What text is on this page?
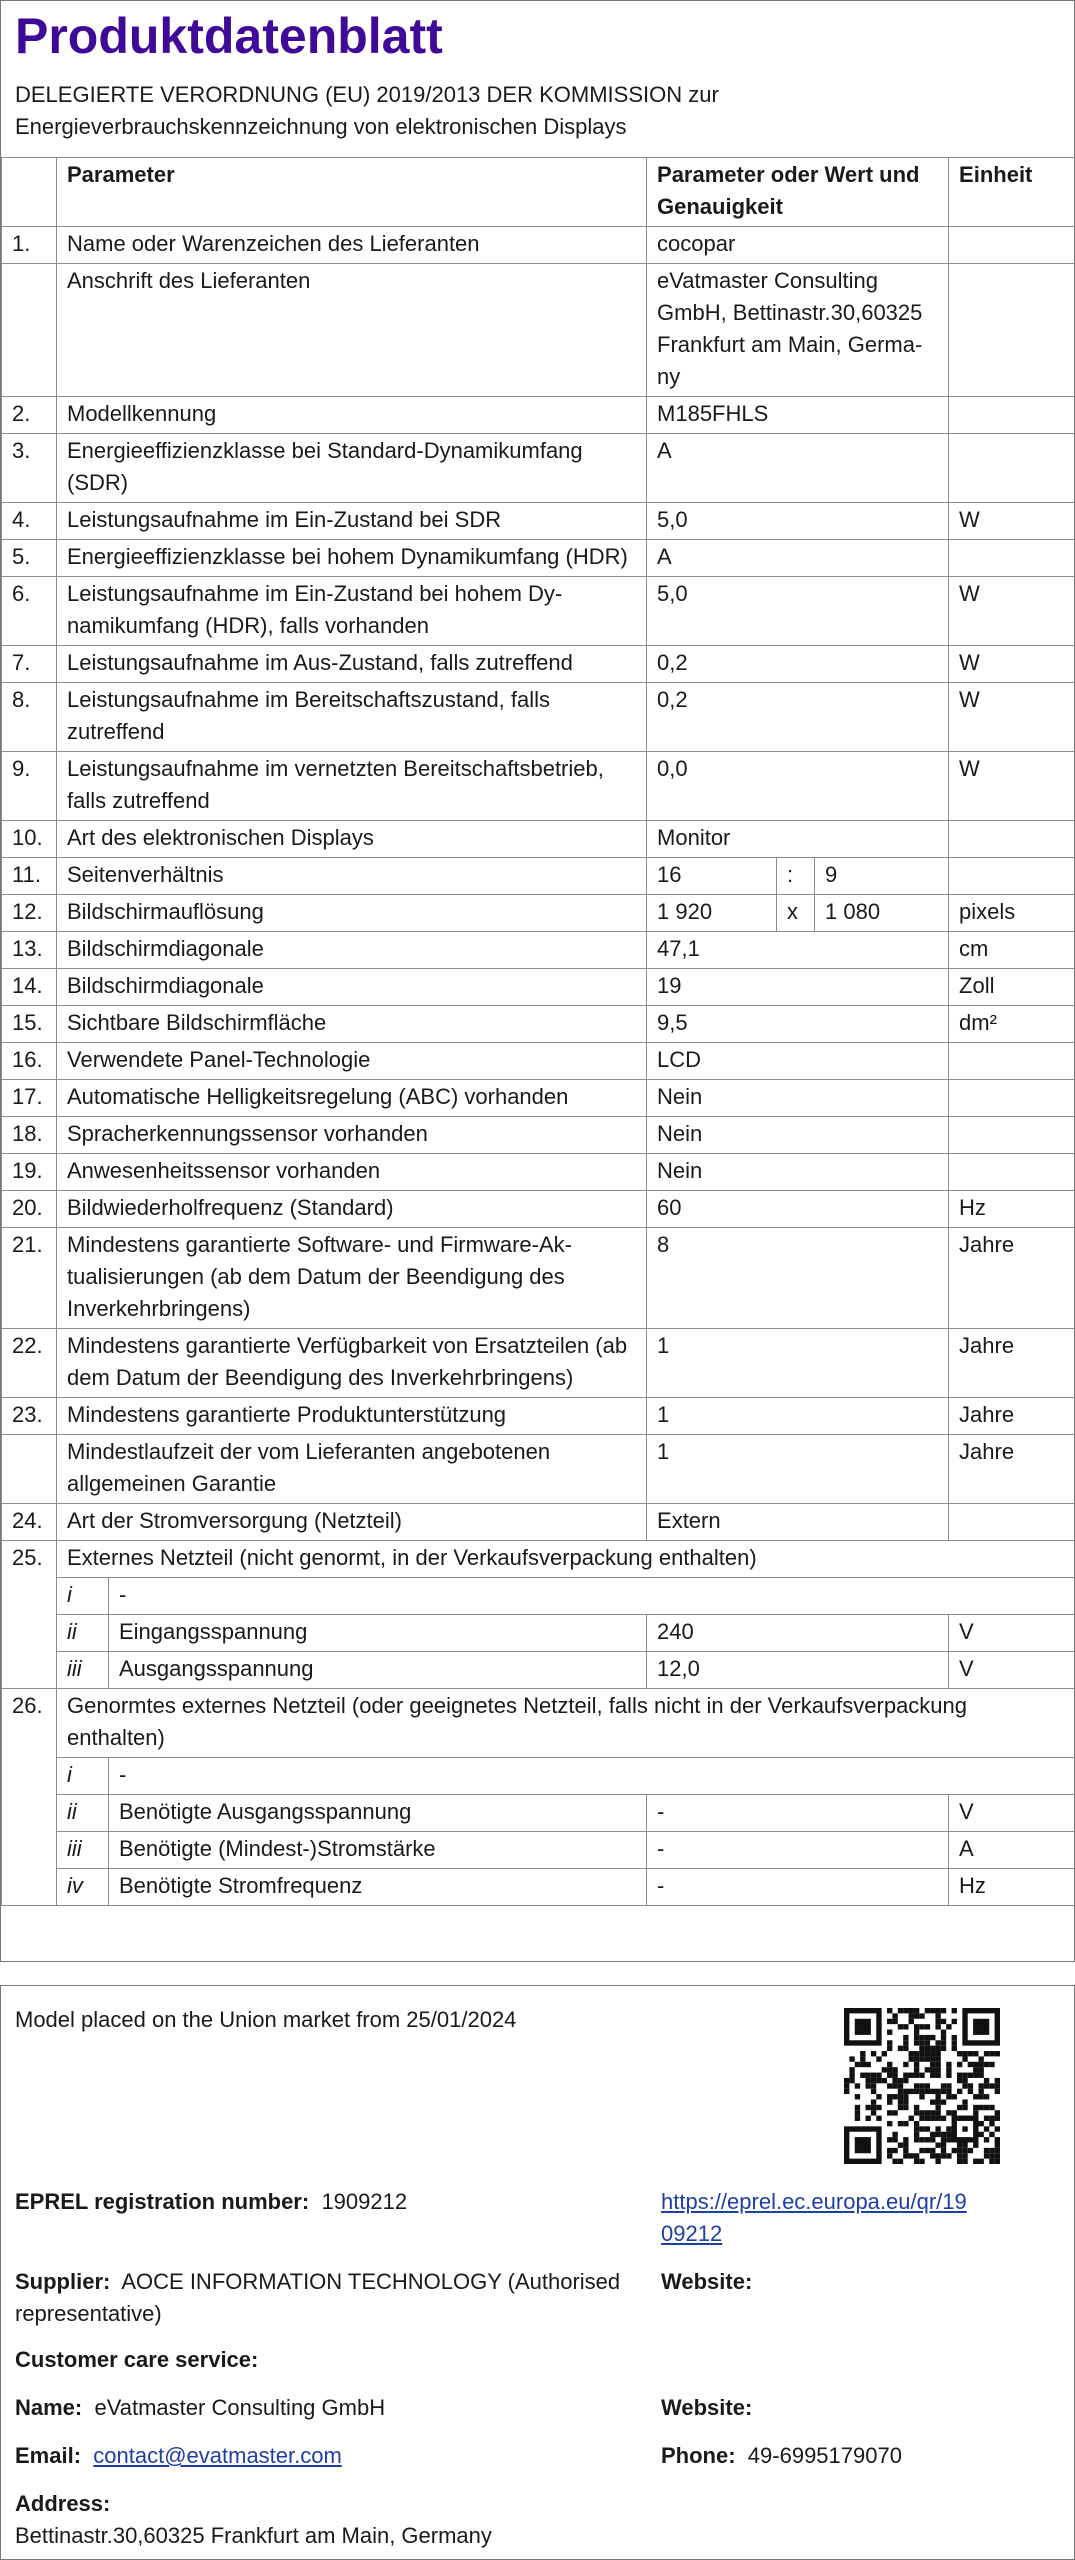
Produktdatenblatt
DELEGIERTE VERORDNUNG (EU) 2019/2013 DER KOMMISSION zur Energieverbrauchskennzeichnung von elektronischen Displays
	Parameter		Parameter oder Wert und Genauigkeit			Einheit
1.	Name oder Warenzeichen des Lieferanten		cocopar			
	Anschrift des Lieferanten		eVatmaster Consulting GmbH, Bettinastr.30,60325 Frankfurt am Main, Germany			
2.	Modellkennung		M185FHLS			
3.	Energieeffizienzklasse bei Standard-Dynamikumfang (SDR)		A			
4.	Leistungsaufnahme im Ein-Zustand bei SDR		5,0			W
5.	Energieeffizienzklasse bei hohem Dynamikumfang (HDR)		A			
6.	Leistungsaufnahme im Ein-Zustand bei hohem Dynamikumfang (HDR), falls vorhanden		5,0			W
7.	Leistungsaufnahme im Aus-Zustand, falls zutreffend		0,2			W
8.	Leistungsaufnahme im Bereitschaftszustand, falls zutreffend		0,2			W
9.	Leistungsaufnahme im vernetzten Bereitschaftsbetrieb, falls zutreffend		0,0			W
10.	Art des elektronischen Displays		Monitor			
11.	Seitenverhältnis		16	:	9	
12.	Bildschirmauflösung		1 920	x	1 080	pixels
13.	Bildschirmdiagonale		47,1			cm
14.	Bildschirmdiagonale		19			Zoll
15.	Sichtbare Bildschirmfläche		9,5			dm²
16.	Verwendete Panel-Technologie		LCD			
17.	Automatische Helligkeitsregelung (ABC) vorhanden		Nein			
18.	Spracherkennungssensor vorhanden		Nein			
19.	Anwesenheitssensor vorhanden		Nein			
20.	Bildwiederholfrequenz (Standard)		60			Hz
21.	Mindestens garantierte Software- und Firmware-Aktualisierungen (ab dem Datum der Beendigung des Inverkehrbringens)		8			Jahre
22.	Mindestens garantierte Verfügbarkeit von Ersatzteilen (ab dem Datum der Beendigung des Inverkehrbringens)		1			Jahre
23.	Mindestens garantierte Produktunterstützung		1			Jahre
	Mindestlaufzeit der vom Lieferanten angebotenen allgemeinen Garantie		1			Jahre
24.	Art der Stromversorgung (Netzteil)		Extern			
25.	Externes Netzteil (nicht genormt, in der Verkaufsverpackung enthalten)					
	i	-				
	ii	Eingangsspannung	240			V
	iii	Ausgangsspannung	12,0			V
26.	Genormtes externes Netzteil (oder geeignetes Netzteil, falls nicht in der Verkaufsverpackung enthalten)					
	i	-				
	ii	Benötigte Ausgangsspannung	-			V
	iii	Benötigte (Mindest-)Stromstärke	-			A
	iv	Benötigte Stromfrequenz	-			Hz
Model placed on the Union market from 25/01/2024
EPREL registration number: 1909212	https://eprel.ec.europa.eu/qr/19
09212
Supplier: AOCE INFORMATION TECHNOLOGY (Authorised
representative)
Website:
Customer care service:
Name: eVatmaster Consulting GmbH	Website:
Email: contact@evatmaster.com	Phone: 49-6995179070
Address:
Bettinastr.30,60325 Frankfurt am Main, Germany
